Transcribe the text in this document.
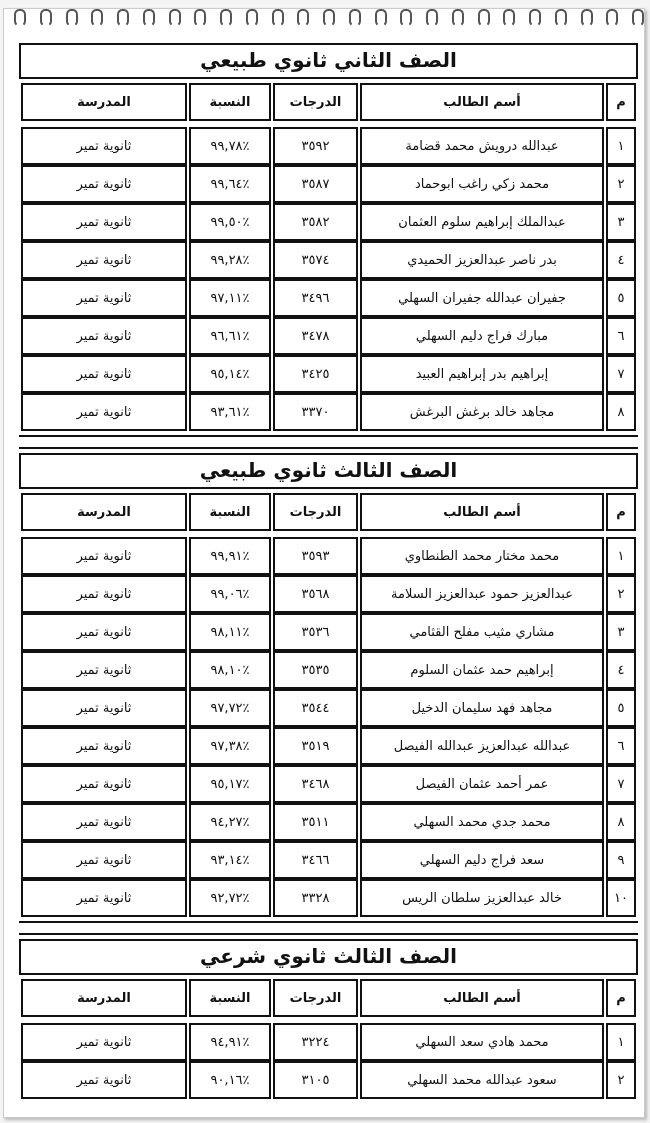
الصف الثاني ثانوي طبيعي

م	أسم الطالب	الدرجات	النسبة	المدرسة

١	عبدالله درويش محمد قضامة	٣٥٩٢	٪٩٩,٧٨	ثانوية تمير
٢	محمد زكي راغب ابوحماد	٣٥٨٧	٪٩٩,٦٤	ثانوية تمير
٣	عبدالملك إبراهيم سلوم العثمان	٣٥٨٢	٪٩٩,٥٠	ثانوية تمير
٤	بدر ناصر عبدالعزيز الحميدي	٣٥٧٤	٪٩٩,٢٨	ثانوية تمير
٥	جفيران عبدالله جفيران السهلي	٣٤٩٦	٪٩٧,١١	ثانوية تمير
٦	مبارك فراج دليم السهلي	٣٤٧٨	٪٩٦,٦١	ثانوية تمير
٧	إبراهيم بدر إبراهيم العبيد	٣٤٢٥	٪٩٥,١٤	ثانوية تمير
٨	مجاهد خالد برغش البرغش	٣٣٧٠	٪٩٣,٦١	ثانوية تمير
الصف الثالث ثانوي طبيعي

م	أسم الطالب	الدرجات	النسبة	المدرسة

١	محمد مختار محمد الطنطاوي	٣٥٩٣	٪٩٩,٩١	ثانوية تمير
٢	عبدالعزيز حمود عبدالعزيز السلامة	٣٥٦٨	٪٩٩,٠٦	ثانوية تمير
٣	مشاري مثيب مفلح القثامي	٣٥٣٦	٪٩٨,١١	ثانوية تمير
٤	إبراهيم حمد عثمان السلوم	٣٥٣٥	٪٩٨,١٠	ثانوية تمير
٥	مجاهد فهد سليمان الدخيل	٣٥٤٤	٪٩٧,٧٢	ثانوية تمير
٦	عبدالله عبدالعزيز عبدالله الفيصل	٣٥١٩	٪٩٧,٣٨	ثانوية تمير
٧	عمر أحمد عثمان الفيصل	٣٤٦٨	٪٩٥,١٧	ثانوية تمير
٨	محمد جدي محمد السهلي	٣٥١١	٪٩٤,٢٧	ثانوية تمير
٩	سعد فراج دليم السهلي	٣٤٦٦	٪٩٣,١٤	ثانوية تمير
١٠	خالد عبدالعزيز سلطان الريس	٣٣٢٨	٪٩٢,٧٢	ثانوية تمير
الصف الثالث ثانوي شرعي

م	أسم الطالب	الدرجات	النسبة	المدرسة

١	محمد هادي سعد السهلي	٣٢٢٤	٪٩٤,٩١	ثانوية تمير
٢	سعود عبدالله محمد السهلي	٣١٠٥	٪٩٠,١٦	ثانوية تمير
